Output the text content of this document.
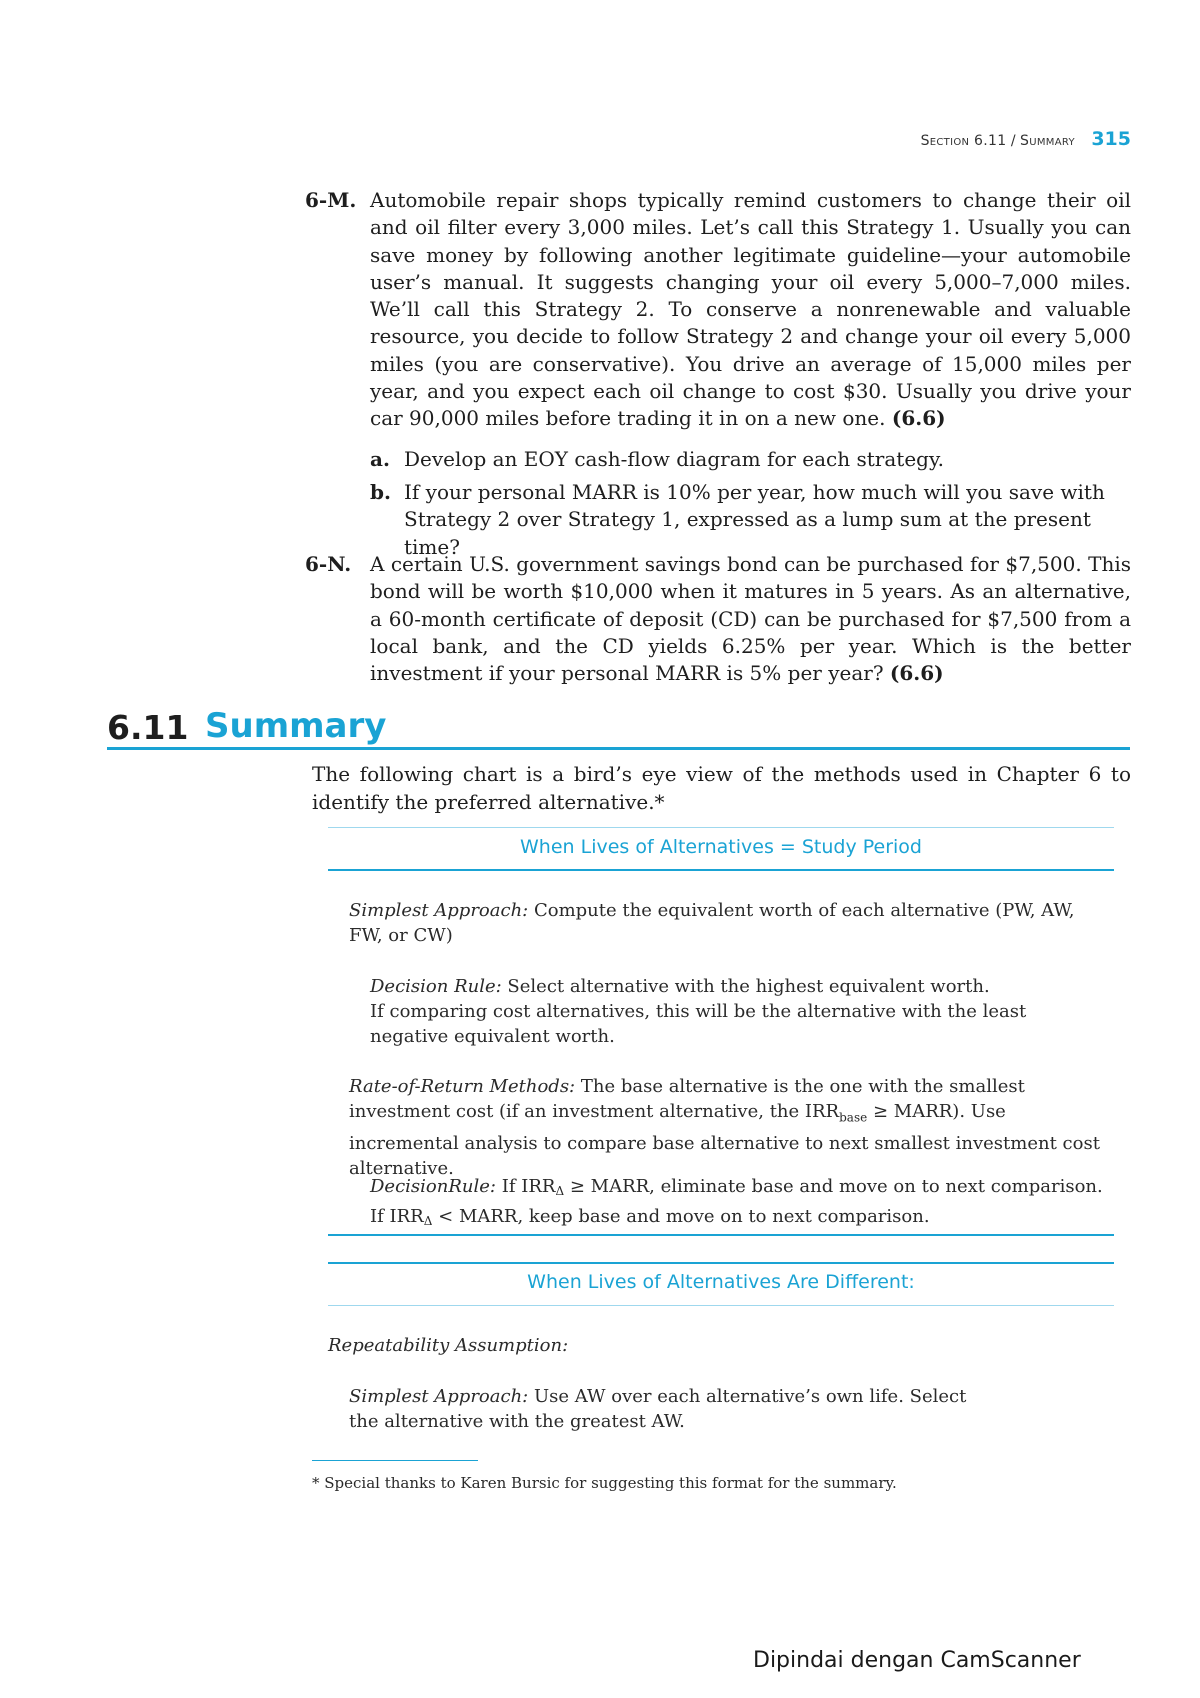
Section 6.11 / Summary 315
6-M. Automobile repair shops typically remind customers to change their oil and oil filter every 3,000 miles. Let’s call this Strategy 1. Usually you can save money by following another legitimate guideline—your automobile user’s manual. It suggests changing your oil every 5,000–7,000 miles. We’ll call this Strategy 2. To conserve a nonrenewable and valuable resource, you decide to follow Strategy 2 and change your oil every 5,000 miles (you are conservative). You drive an average of 15,000 miles per year, and you expect each oil change to cost $30. Usually you drive your car 90,000 miles before trading it in on a new one. (6.6)
a. Develop an EOY cash-flow diagram for each strategy.
b. If your personal MARR is 10% per year, how much will you save with Strategy 2 over Strategy 1, expressed as a lump sum at the present time?
6-N. A certain U.S. government savings bond can be purchased for $7,500. This bond will be worth $10,000 when it matures in 5 years. As an alternative, a 60-month certificate of deposit (CD) can be purchased for $7,500 from a local bank, and the CD yields 6.25% per year. Which is the better investment if your personal MARR is 5% per year? (6.6)
6.11 Summary
The following chart is a bird’s eye view of the methods used in Chapter 6 to identify the preferred alternative.*
When Lives of Alternatives = Study Period
Simplest Approach: Compute the equivalent worth of each alternative (PW, AW, FW, or CW)
Decision Rule: Select alternative with the highest equivalent worth.
If comparing cost alternatives, this will be the alternative with the least negative equivalent worth.
Rate-of-Return Methods: The base alternative is the one with the smallest investment cost (if an investment alternative, the $IRR_{base}$ ≥ MARR). Use incremental analysis to compare base alternative to next smallest investment cost alternative.
DecisionRule: If IRRΔ ≥ MARR, eliminate base and move on to next comparison.
If IRRΔ < MARR, keep base and move on to next comparison.
When Lives of Alternatives Are Different:
Repeatability Assumption:
Simplest Approach: Use AW over each alternative’s own life. Select the alternative with the greatest AW.
* Special thanks to Karen Bursic for suggesting this format for the summary.
Dipindai dengan CamScanner
